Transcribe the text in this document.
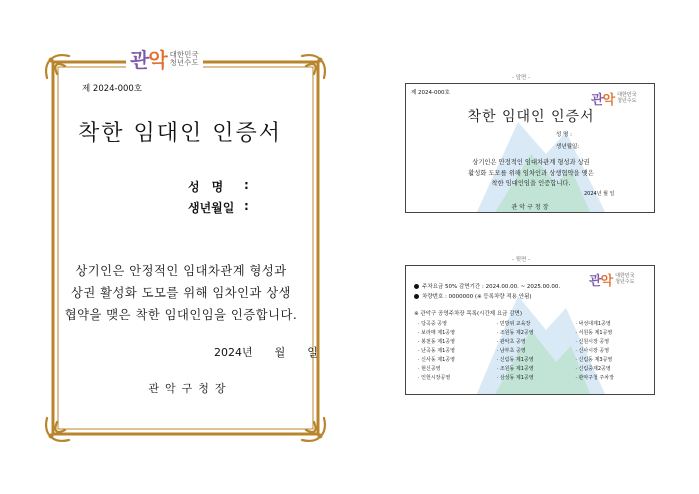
관악 대한민국
청년수도
제 2024-000호
착한 임대인 인증서
성명 :
생년월일 :
상기인은 안정적인 임대차관계 형성과
상권 활성화 도모를 위해 임차인과 상생
협약을 맺은 착한 임대인임을 인증합니다.
2024년 월 일
관악구청장
- 앞면 -
제 2024-000호	관악 대한민국
청년수도
착한 임대인 인증서
성 명 :
생년월일:
상기인은 안정적인 임대차관계 형성과 상권
활성화 도모를 위해 임차인과 상생협약을 맺은
착한 임대인임을 인증합니다.
2024년 월 일
관악구청장
- 뒷면 -
관악 대한민국
청년수도
주차요금 50% 감면기간 : 2024.00.00. ~ 2025.00.00.
차량번호 : 0000000 (※ 등록차량 적용 안됨)
※ 관악구 공영주차장 목록(시간제 요금 감면)
· 당곡중 공영	· 민방위 교육장	· 낙성대제1공영
· 보라매 제1공영	· 조원동 제2공영	· 서원동 제1공영
· 봉천동 제1공영	· 관악초 공영	· 신원시장 공영
· 난곡동 제1공영	· 남부초 공영	· 신사시장 공영
· 신사동 제1공영	· 신림동 제1공영	· 신림동 제3공영
· 현신공영	· 조원동 제1공영	· 신림중제2공영
· 인헌시장공영	· 삼성동 제1공영	· 관악구청 주차장
